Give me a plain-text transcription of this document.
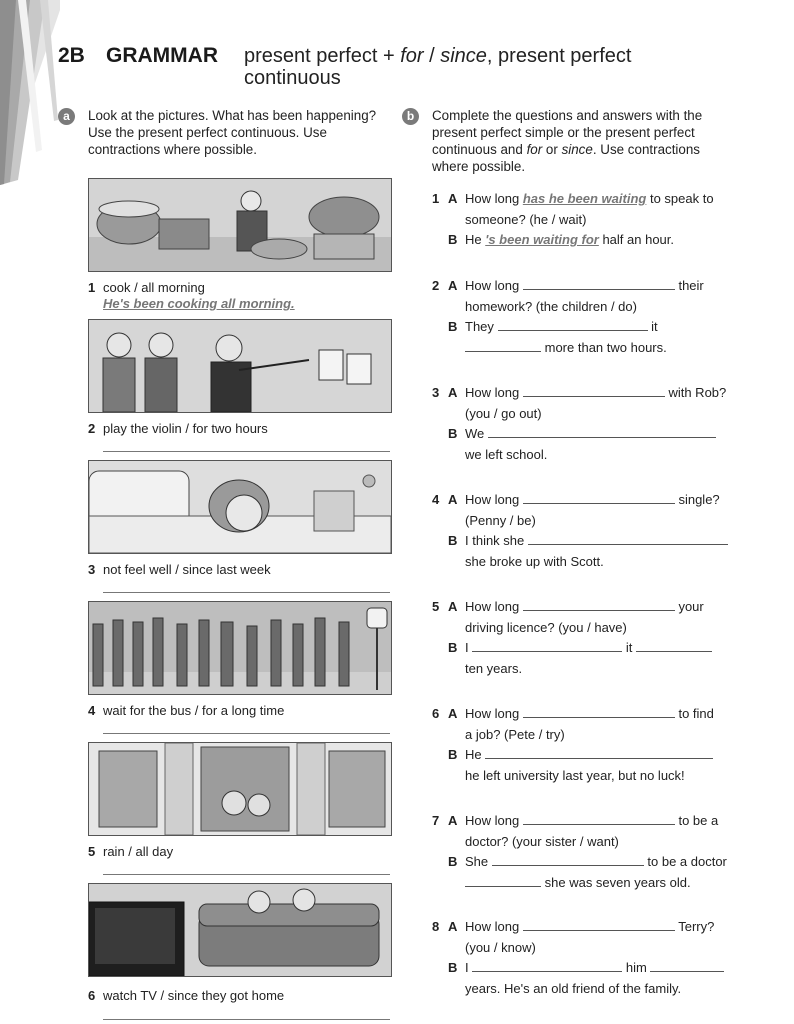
2B GRAMMAR present perfect + for / since, present perfect continuous
a	Look at the pictures. What has been happening? Use the present perfect continuous. Use contractions where possible.
1 cook / all morning
He's been cooking all morning.
2 play the violin / for two hours
3 not feel well / since last week
4 wait for the bus / for a long time
5 rain / all day
6 watch TV / since they got home
b	Complete the questions and answers with the present perfect simple or the present perfect continuous and for or since. Use contractions where possible.
1 A How long has he been waiting to speak to
someone? (he / wait)
B He 's been waiting for half an hour.
2 A How long	their
homework? (the children / do)
B They	it
more than two hours.
3 A How long	with Rob?
(you / go out)
B We
we left school.
4 A How long	single?
(Penny / be)
B I think she
she broke up with Scott.
5 A How long	your
driving licence? (you / have)
B I	it
ten years.
6 A How long	to find
a job? (Pete / try)
B He
he left university last year, but no luck!
7 A How long	to be a
doctor? (your sister / want)
B She	to be a doctor
she was seven years old.
8 A How long	Terry?
(you / know)
B I	him
years. He's an old friend of the family.
